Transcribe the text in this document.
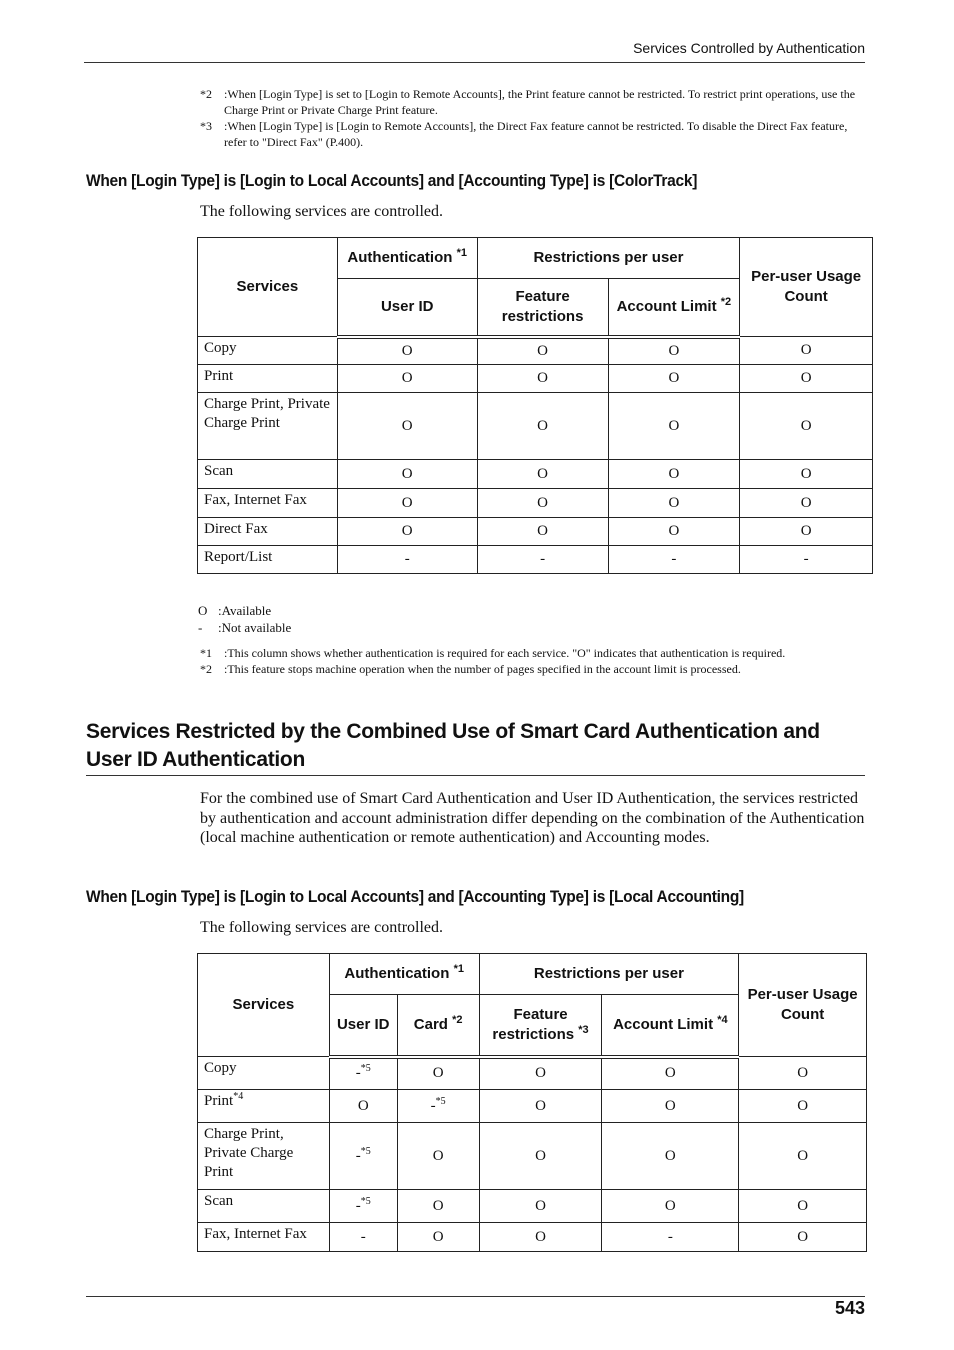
Services Controlled by Authentication
*2 :When [Login Type] is set to [Login to Remote Accounts], the Print feature cannot be restricted. To restrict print operations, use the Charge Print or Private Charge Print feature.
*3 :When [Login Type] is [Login to Remote Accounts], the Direct Fax feature cannot be restricted. To disable the Direct Fax feature, refer to "Direct Fax" (P.400).
When [Login Type] is [Login to Local Accounts] and [Accounting Type] is [ColorTrack]
The following services are controlled.
Services	Authentication $^{*1}$	Restrictions per user		Per-user Usage Count
	User ID	Feature restrictions	Account Limit $^{*2}$
Copy	O	O	O	O
Print	O	O	O	O
Charge Print, Private Charge Print	O	O	O	O
Scan	O	O	O	O
Fax, Internet Fax	O	O	O	O
Direct Fax	O	O	O	O
Report/List	-	-	-	-
O :Available
-	:Not available
*1 :This column shows whether authentication is required for each service. "O" indicates that authentication is required.
*2 :This feature stops machine operation when the number of pages specified in the account limit is processed.
Services Restricted by the Combined Use of Smart Card Authentication and User ID Authentication
For the combined use of Smart Card Authentication and User ID Authentication, the services restricted by authentication and account administration differ depending on the combination of the Authentication (local machine authentication or remote authentication) and Accounting modes.
When [Login Type] is [Login to Local Accounts] and [Accounting Type] is [Local Accounting]
The following services are controlled.
Services	Authentication $^{*1}$		Restrictions per user		Per-user Usage Count
	User ID	Card $^{*2}$	Feature restrictions $^{*3}$	Account Limit $^{*4}$
Copy	-$^{*5}$	O	O	O	O
Print$^{*4}$	O	-$^{*5}$	O	O	O
Charge Print, Private Charge Print	-$^{*5}$	O	O	O	O
Scan	-$^{*5}$	O	O	O	O
Fax, Internet Fax	-	O	O	-	O
543
